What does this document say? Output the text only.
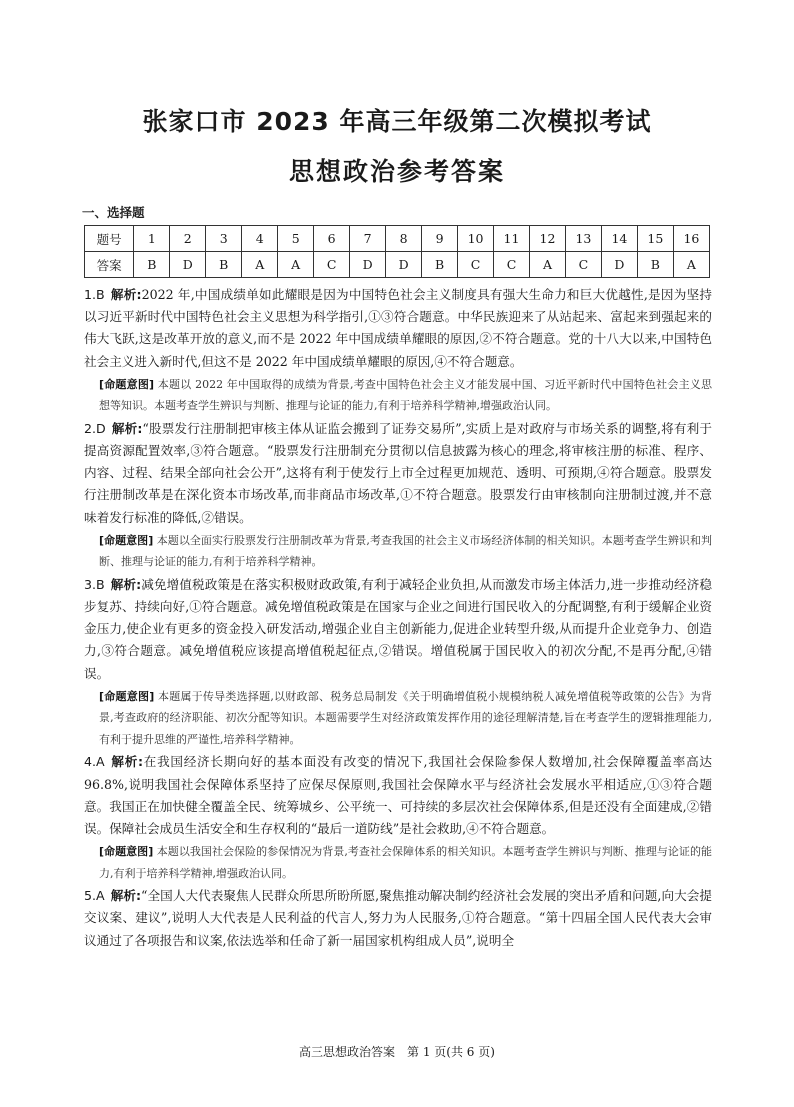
张家口市 2023 年高三年级第二次模拟考试
思想政治参考答案
一、选择题
题号	1	2	3	4	5	6	7	8	9	10	11	12	13	14	15	16
答案	B	D	B	A	A	C	D	D	B	C	C	A	C	D	B	A
1.B 解析:2022 年,中国成绩单如此耀眼是因为中国特色社会主义制度具有强大生命力和巨大优越性,是因为坚持以习近平新时代中国特色社会主义思想为科学指引,①③符合题意。中华民族迎来了从站起来、富起来到强起来的伟大飞跃,这是改革开放的意义,而不是 2022 年中国成绩单耀眼的原因,②不符合题意。党的十八大以来,中国特色社会主义进入新时代,但这不是 2022 年中国成绩单耀眼的原因,④不符合题意。
[命题意图] 本题以 2022 年中国取得的成绩为背景,考查中国特色社会主义才能发展中国、习近平新时代中国特色社会主义思想等知识。本题考查学生辨识与判断、推理与论证的能力,有利于培养科学精神,增强政治认同。
2.D 解析:“股票发行注册制把审核主体从证监会搬到了证券交易所”,实质上是对政府与市场关系的调整,将有利于提高资源配置效率,③符合题意。“股票发行注册制充分贯彻以信息披露为核心的理念,将审核注册的标准、程序、内容、过程、结果全部向社会公开”,这将有利于使发行上市全过程更加规范、透明、可预期,④符合题意。股票发行注册制改革是在深化资本市场改革,而非商品市场改革,①不符合题意。股票发行由审核制向注册制过渡,并不意味着发行标准的降低,②错误。
[命题意图] 本题以全面实行股票发行注册制改革为背景,考查我国的社会主义市场经济体制的相关知识。本题考查学生辨识和判断、推理与论证的能力,有利于培养科学精神。
3.B 解析:减免增值税政策是在落实积极财政政策,有利于减轻企业负担,从而激发市场主体活力,进一步推动经济稳步复苏、持续向好,①符合题意。减免增值税政策是在国家与企业之间进行国民收入的分配调整,有利于缓解企业资金压力,使企业有更多的资金投入研发活动,增强企业自主创新能力,促进企业转型升级,从而提升企业竞争力、创造力,③符合题意。减免增值税应该提高增值税起征点,②错误。增值税属于国民收入的初次分配,不是再分配,④错误。
[命题意图] 本题属于传导类选择题,以财政部、税务总局制发《关于明确增值税小规模纳税人减免增值税等政策的公告》为背景,考查政府的经济职能、初次分配等知识。本题需要学生对经济政策发挥作用的途径理解清楚,旨在考查学生的逻辑推理能力,有利于提升思维的严谨性,培养科学精神。
4.A 解析:在我国经济长期向好的基本面没有改变的情况下,我国社会保险参保人数增加,社会保障覆盖率高达 96.8%,说明我国社会保障体系坚持了应保尽保原则,我国社会保障水平与经济社会发展水平相适应,①③符合题意。我国正在加快健全覆盖全民、统筹城乡、公平统一、可持续的多层次社会保障体系,但是还没有全面建成,②错误。保障社会成员生活安全和生存权利的“最后一道防线”是社会救助,④不符合题意。
[命题意图] 本题以我国社会保险的参保情况为背景,考查社会保障体系的相关知识。本题考查学生辨识与判断、推理与论证的能力,有利于培养科学精神,增强政治认同。
5.A 解析:“全国人大代表聚焦人民群众所思所盼所愿,聚焦推动解决制约经济社会发展的突出矛盾和问题,向大会提交议案、建议”,说明人大代表是人民利益的代言人,努力为人民服务,①符合题意。“第十四届全国人民代表大会审议通过了各项报告和议案,依法选举和任命了新一届国家机构组成人员”,说明全
高三思想政治答案　第 1 页(共 6 页)
